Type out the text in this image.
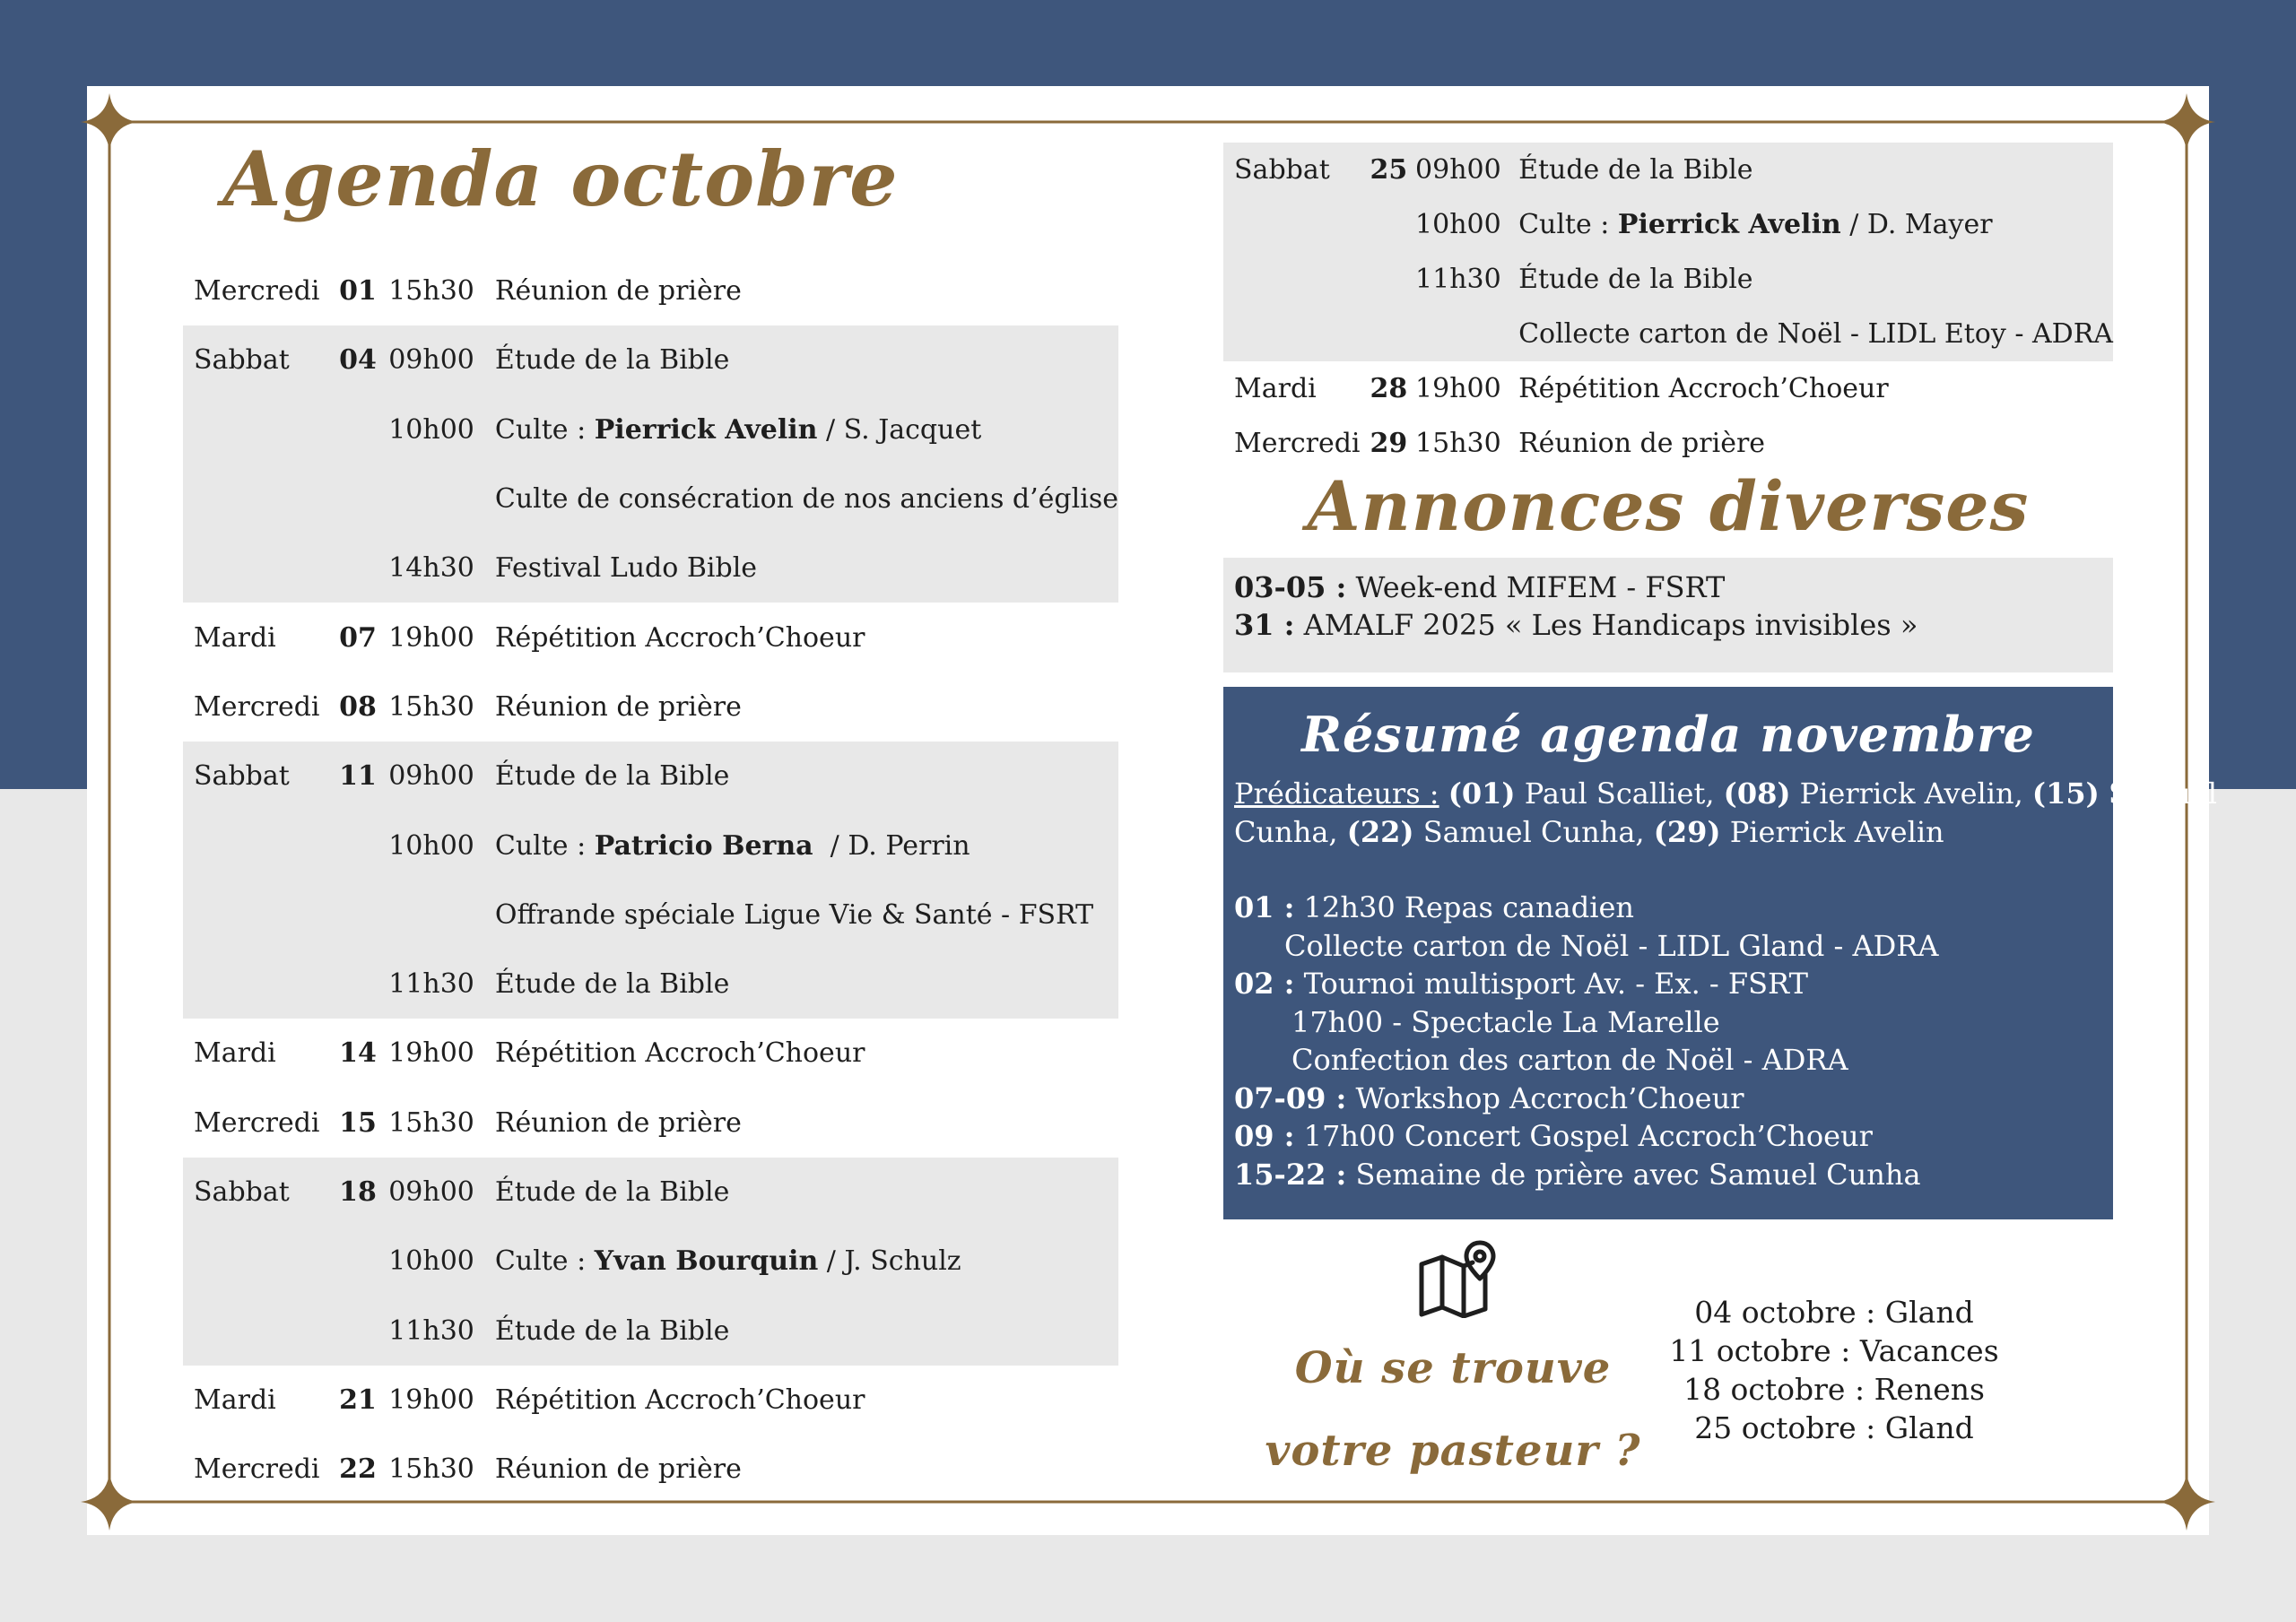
Agenda octobre
Mercredi	01	15h30	Réunion de prière
Sabbat	04	09h00	Étude de la Bible
		10h00	Culte : Pierrick Avelin / S. Jacquet
			Culte de consécration de nos anciens d’église
		14h30	Festival Ludo Bible
Mardi	07	19h00	Répétition Accroch’Choeur
Mercredi	08	15h30	Réunion de prière
Sabbat	11	09h00	Étude de la Bible
		10h00	Culte : Patricio Berna  / D. Perrin
			Offrande spéciale Ligue Vie & Santé - FSRT
		11h30	Étude de la Bible
Mardi	14	19h00	Répétition Accroch’Choeur
Mercredi	15	15h30	Réunion de prière
Sabbat	18	09h00	Étude de la Bible
		10h00	Culte : Yvan Bourquin / J. Schulz
		11h30	Étude de la Bible
Mardi	21	19h00	Répétition Accroch’Choeur
Mercredi	22	15h30	Réunion de prière
Sabbat	25	09h00	Étude de la Bible
		10h00	Culte : Pierrick Avelin / D. Mayer
		11h30	Étude de la Bible
			Collecte carton de Noël - LIDL Etoy - ADRA
Mardi	28	19h00	Répétition Accroch’Choeur
Mercredi	29	15h30	Réunion de prière
Annonces diverses
03-05 : Week-end MIFEM - FSRT
31 : AMALF 2025 « Les Handicaps invisibles »
Résumé agenda novembre
Prédicateurs : (01) Paul Scalliet, (08) Pierrick Avelin, (15) Samuel
Cunha, (22) Samuel Cunha, (29) Pierrick Avelin
01 : 12h30 Repas canadien
Collecte carton de Noël - LIDL Gland - ADRA
02 : Tournoi multisport Av. - Ex. - FSRT
17h00 - Spectacle La Marelle
Confection des carton de Noël - ADRA
07-09 : Workshop Accroch’Choeur
09 : 17h00 Concert Gospel Accroch’Choeur
15-22 : Semaine de prière avec Samuel Cunha
Où se trouve votre pasteur ?
04 octobre : Gland
11 octobre : Vacances
18 octobre : Renens
25 octobre : Gland
